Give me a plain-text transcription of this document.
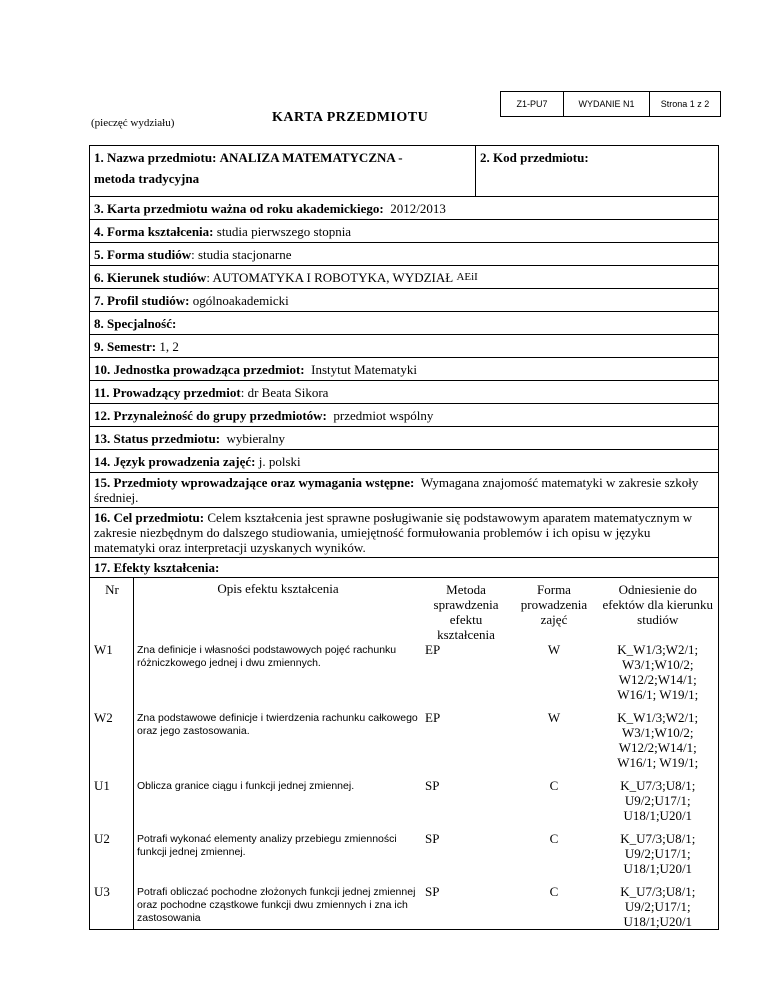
Z1-PU7	WYDANIE N1	Strona 1 z 2
(pieczęć wydziału)	KARTA PRZEDMIOTU
1. Nazwa przedmiotu: ANALIZA MATEMATYCZNA -
metoda tradycyjna
2. Kod przedmiotu:
3. Karta przedmiotu ważna od roku akademickiego:
2012/2013
4. Forma kształcenia:
studia pierwszego stopnia
5. Forma studiów : studia stacjonarne
6. Kierunek studiów : AUTOMATYKA I ROBOTYKA, WYDZIAŁ
AEiI
7. Profil studiów:
ogólnoakademicki
8. Specjalność:
9. Semestr:
1, 2
10. Jednostka prowadząca przedmiot:
Instytut Matematyki
11. Prowadzący przedmiot : dr Beata Sikora
12. Przynależność do grupy przedmiotów:
przedmiot wspólny
13. Status przedmiotu:
wybieralny
14. Język prowadzenia zajęć:
j. polski
15. Przedmioty wprowadzające oraz wymagania wstępne: Wymagana znajomość matematyki w zakresie szkoły średniej.
16. Cel przedmiotu: Celem kształcenia jest sprawne posługiwanie się podstawowym aparatem matematycznym w zakresie niezbędnym do dalszego studiowania, umiejętność formułowania problemów i ich opisu w języku matematyki oraz interpretacji uzyskanych wyników.
17. Efekty kształcenia:
Nr	Opis efektu kształcenia	Metoda sprawdzenia efektu kształcenia	Forma prowadzenia zajęć	Odniesienie do efektów dla kierunku studiów
W1	Zna definicje i własności podstawowych pojęć rachunku różniczkowego jednej i dwu zmiennych.	EP	W	K_W1/3;W2/1; W3/1;W10/2; W12/2;W14/1; W16/1; W19/1;

W2	Zna podstawowe definicje i twierdzenia rachunku całkowego oraz jego zastosowania.	EP	W	K_W1/3;W2/1; W3/1;W10/2; W12/2;W14/1; W16/1; W19/1;

U1	Oblicza granice ciągu i funkcji jednej zmiennej.	SP	C	K_U7/3;U8/1; U9/2;U17/1; U18/1;U20/1

U2	Potrafi wykonać elementy analizy przebiegu zmienności funkcji jednej zmiennej.	SP	C	K_U7/3;U8/1; U9/2;U17/1; U18/1;U20/1

U3	Potrafi obliczać pochodne złożonych funkcji jednej zmiennej oraz pochodne cząstkowe funkcji dwu zmiennych i zna ich zastosowania	SP	C	K_U7/3;U8/1; U9/2;U17/1; U18/1;U20/1
